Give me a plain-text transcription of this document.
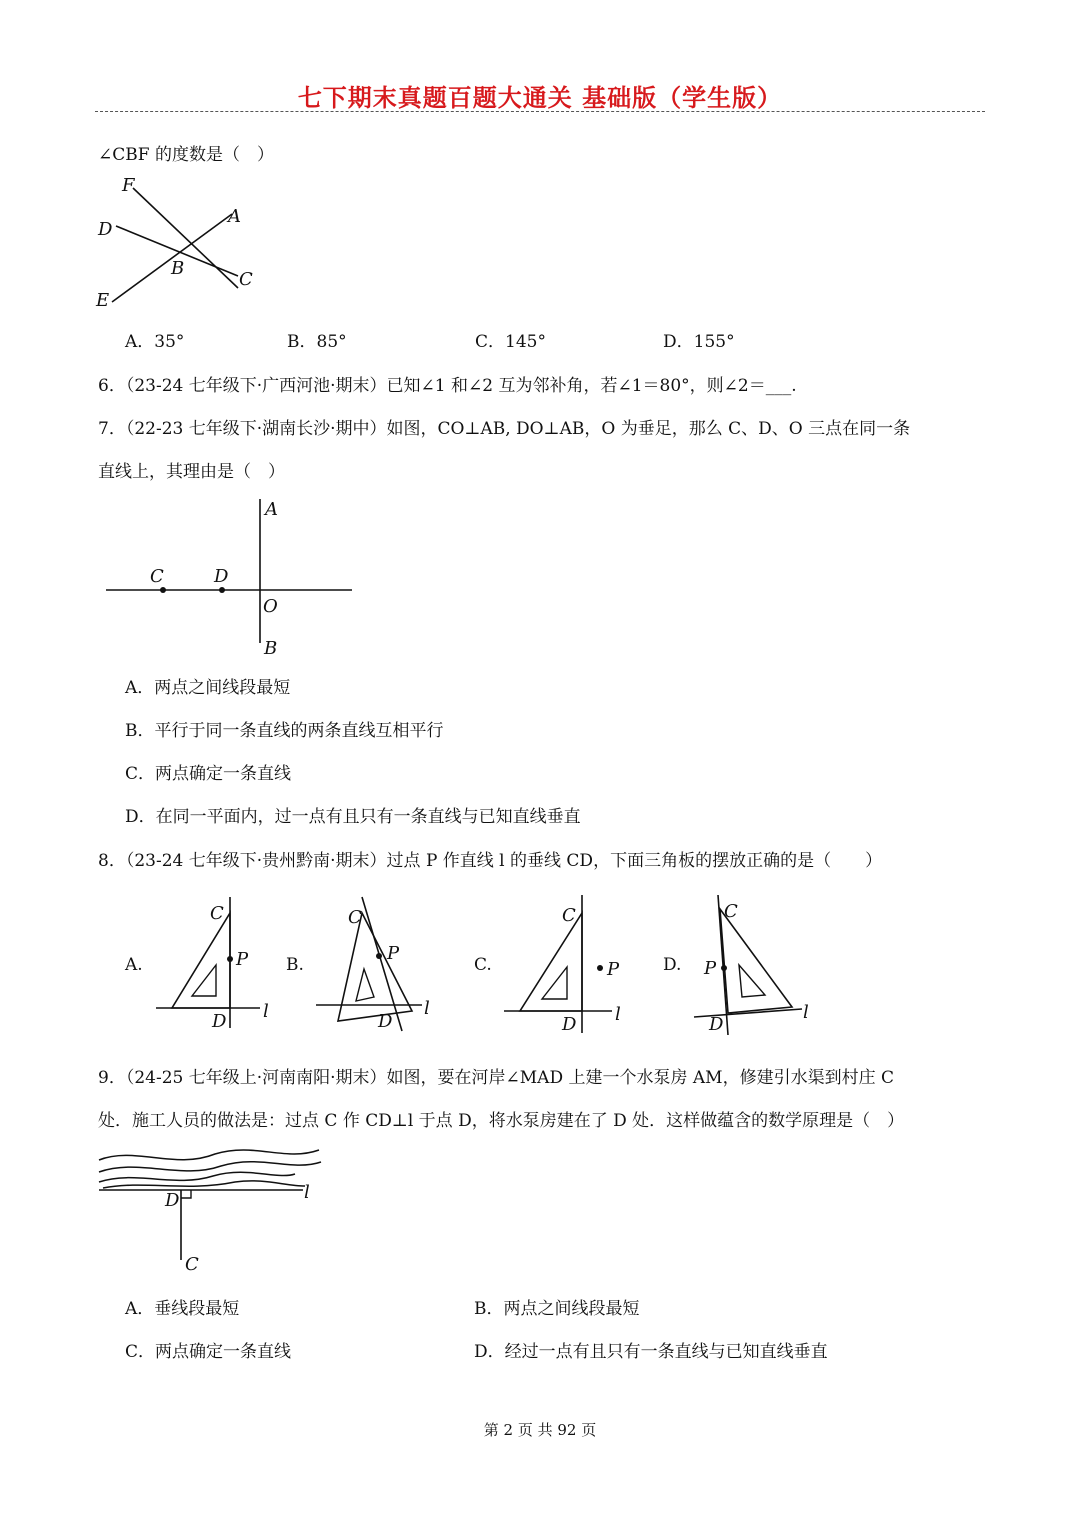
七下期末真题百题大通关 基础版（学生版）
∠CBF 的度数是（　）
F
D
A
B
C
E
A．35°	B．85°	C．145°	D．155°
6．（23-24 七年级下·广西河池·期末）已知∠1 和∠2 互为邻补角，若∠1＝80°，则∠2＝___.
7．（22-23 七年级下·湖南长沙·期中）如图，CO⊥AB, DO⊥AB，O 为垂足，那么 C、D、O 三点在同一条
直线上，其理由是（　）
A
C	D
O
B
A．两点之间线段最短
B．平行于同一条直线的两条直线互相平行
C．两点确定一条直线
D．在同一平面内，过一点有且只有一条直线与已知直线垂直
8．（23-24 七年级下·贵州黔南·期末）过点 P 作直线 l 的垂线 CD，下面三角板的摆放正确的是（　　）
A.
C
P
D l
B.
C
P
D
l
C.
C
P
D l
D.
C
P
D
l
9．（24-25 七年级上·河南南阳·期末）如图，要在河岸∠MAD 上建一个水泵房 AM，修建引水渠到村庄 C
处．施工人员的做法是：过点 C 作 CD⊥l 于点 D，将水泵房建在了 D 处．这样做蕴含的数学原理是（　）
D	l
C
A．垂线段最短	B．两点之间线段最短
C．两点确定一条直线	D．经过一点有且只有一条直线与已知直线垂直
第 2 页 共 92 页
